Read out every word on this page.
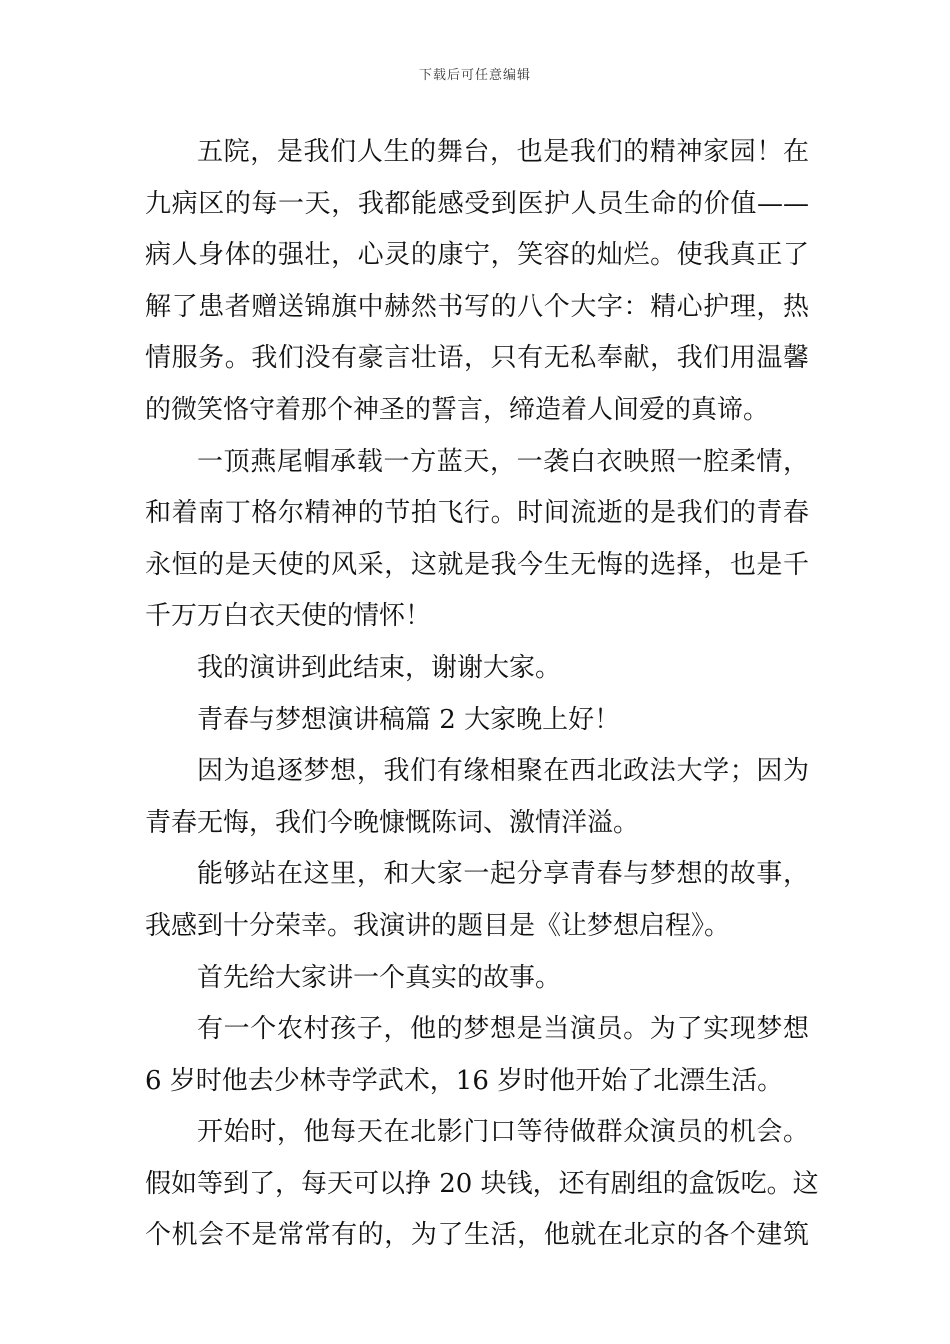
下载后可任意编辑
五院，是我们人生的舞台，也是我们的精神家园！在
九病区的每一天，我都能感受到医护人员生命的价值——
病人身体的强壮，心灵的康宁，笑容的灿烂。使我真正了
解了患者赠送锦旗中赫然书写的八个大字：精心护理，热
情服务。我们没有豪言壮语，只有无私奉献，我们用温馨
的微笑恪守着那个神圣的誓言，缔造着人间爱的真谛。
一顶燕尾帽承载一方蓝天，一袭白衣映照一腔柔情，
和着南丁格尔精神的节拍飞行。时间流逝的是我们的青春
永恒的是天使的风采，这就是我今生无悔的选择，也是千
千万万白衣天使的情怀！
我的演讲到此结束，谢谢大家。
青春与梦想演讲稿篇 2 大家晚上好！
因为追逐梦想，我们有缘相聚在西北政法大学；因为
青春无悔，我们今晚慷慨陈词、激情洋溢。
能够站在这里，和大家一起分享青春与梦想的故事，
我感到十分荣幸。我演讲的题目是《让梦想启程》。
首先给大家讲一个真实的故事。
有一个农村孩子，他的梦想是当演员。为了实现梦想
6 岁时他去少林寺学武术，16 岁时他开始了北漂生活。
开始时，他每天在北影门口等待做群众演员的机会。
假如等到了，每天可以挣 20 块钱，还有剧组的盒饭吃。这
个机会不是常常有的，为了生活，他就在北京的各个建筑
